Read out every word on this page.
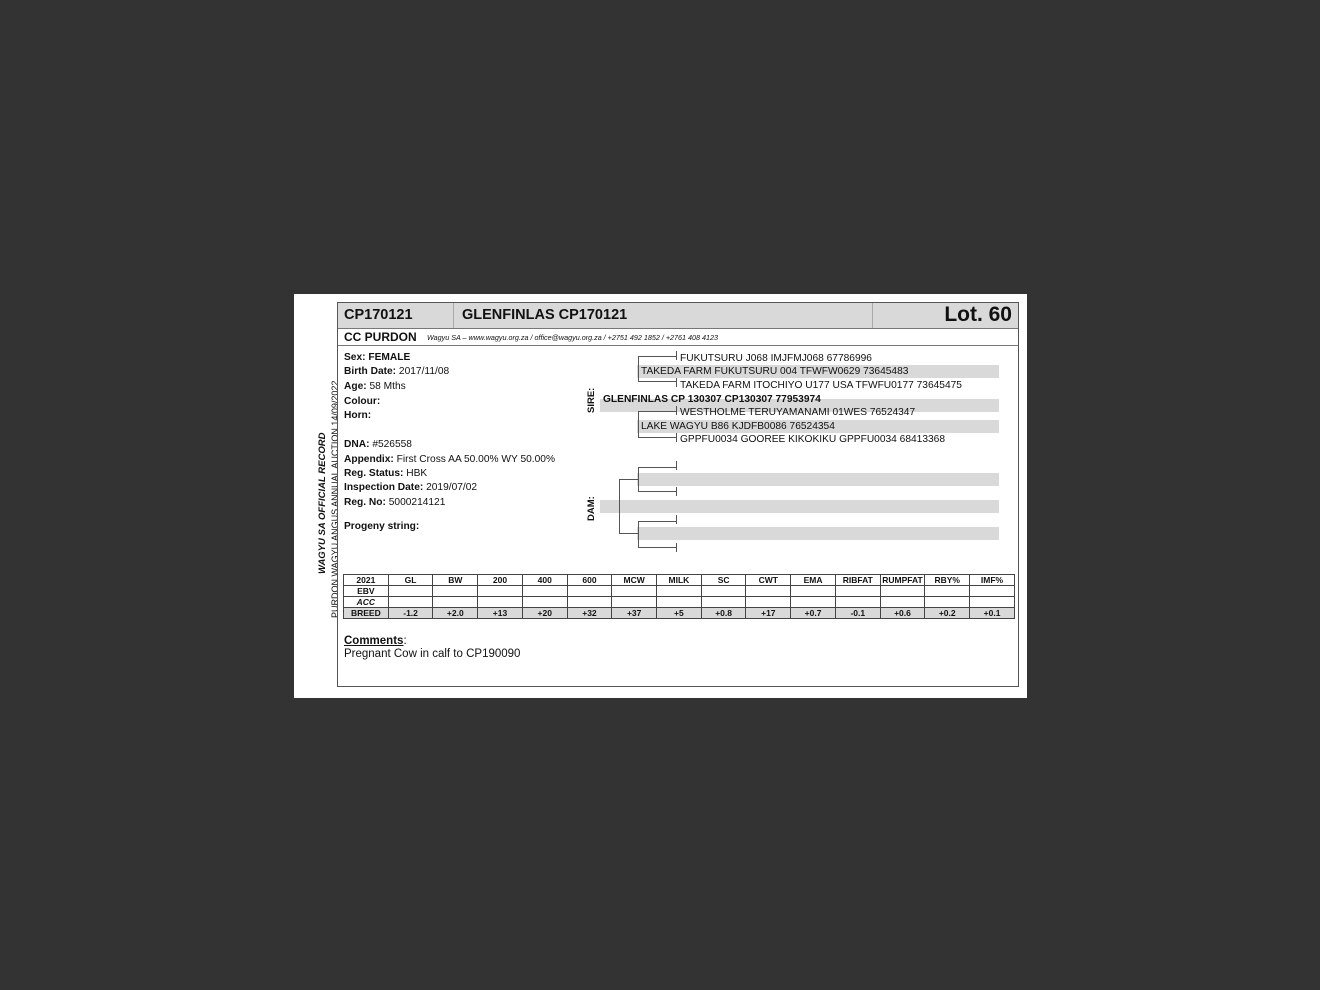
WAGYU SA OFFICIAL RECORD PURDON WAGYU ANGUS ANNUAL AUCTION 14/09/2022
CP170121	GLENFINLAS CP170121	Lot. 60
CC PURDON Wagyu SA – www.wagyu.org.za / office@wagyu.org.za / +2751 492 1852 / +2761 408 4123
Sex: FEMALE
Birth Date: 2017/11/08
Age: 58 Mths
Colour:
Horn:
DNA: #526558
Appendix: First Cross AA 50.00% WY 50.00%
Reg. Status: HBK
Inspection Date: 2019/07/02
Reg. No: 5000214121
Progeny string:
SIRE:
DAM:
FUKUTSURU J068 IMJFMJ068 67786996
TAKEDA FARM FUKUTSURU 004 TFWFW0629 73645483
TAKEDA FARM ITOCHIYO U177 USA TFWFU0177 73645475
GLENFINLAS CP 130307 CP130307 77953974
WESTHOLME TERUYAMANAMI 01WES 76524347
LAKE WAGYU B86 KJDFB0086 76524354
GPPFU0034 GOOREE KIKOKIKU GPPFU0034 68413368
2021	GL	BW	200	400	600	MCW	MILK	SC	CWT	EMA	RIBFAT	RUMPFAT	RBY%	IMF%
EBV														
ACC														
BREED	-1.2	+2.0	+13	+20	+32	+37	+5	+0.8	+17	+0.7	-0.1	+0.6	+0.2	+0.1
Comments:
Pregnant Cow in calf to CP190090
